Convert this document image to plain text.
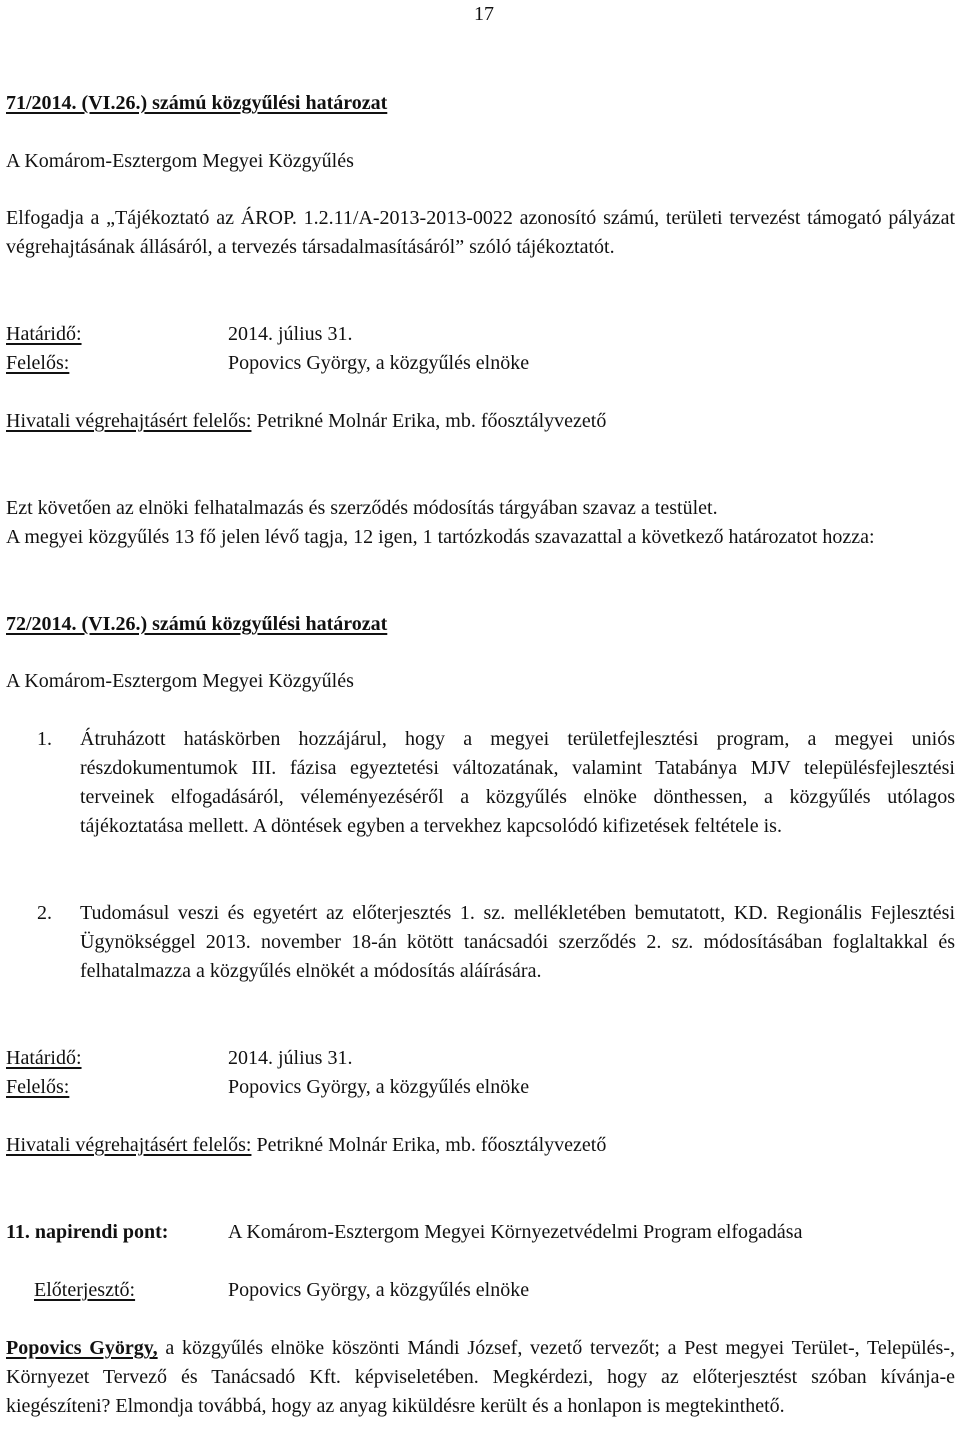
17
71/2014. (VI.26.) számú közgyűlési határozat
A Komárom-Esztergom Megyei Közgyűlés
Elfogadja a „Tájékoztató az ÁROP. 1.2.11/A-2013-2013-0022 azonosító számú, területi tervezést támogató pályázat végrehajtásának állásáról, a tervezés társadalmasításáról” szóló tájékoztatót.
Határidő:	2014. július 31.
Felelős:	Popovics György, a közgyűlés elnöke
Hivatali végrehajtásért felelős: Petrikné Molnár Erika, mb. főosztályvezető
Ezt követően az elnöki felhatalmazás és szerződés módosítás tárgyában szavaz a testület.
A megyei közgyűlés 13 fő jelen lévő tagja, 12 igen, 1 tartózkodás szavazattal a következő határozatot hozza:
72/2014. (VI.26.) számú közgyűlési határozat
A Komárom-Esztergom Megyei Közgyűlés
1. Átruházott hatáskörben hozzájárul, hogy a megyei területfejlesztési program, a megyei uniós részdokumentumok III. fázisa egyeztetési változatának, valamint Tatabánya MJV településfejlesztési terveinek elfogadásáról, véleményezéséről a közgyűlés elnöke dönthessen, a közgyűlés utólagos tájékoztatása mellett. A döntések egyben a tervekhez kapcsolódó kifizetések feltétele is.
2. Tudomásul veszi és egyetért az előterjesztés 1. sz. mellékletében bemutatott, KD. Regionális Fejlesztési Ügynökséggel 2013. november 18-án kötött tanácsadói szerződés 2. sz. módosításában foglaltakkal és felhatalmazza a közgyűlés elnökét a módosítás aláírására.
Határidő:	2014. július 31.
Felelős:	Popovics György, a közgyűlés elnöke
Hivatali végrehajtásért felelős: Petrikné Molnár Erika, mb. főosztályvezető
11. napirendi pont:	A Komárom-Esztergom Megyei Környezetvédelmi Program elfogadása
Előterjesztő:	Popovics György, a közgyűlés elnöke
Popovics György, a közgyűlés elnöke köszönti Mándi József, vezető tervezőt; a Pest megyei Terület-, Település-, Környezet Tervező és Tanácsadó Kft. képviseletében. Megkérdezi, hogy az előterjesztést szóban kívánja-e kiegészíteni? Elmondja továbbá, hogy az anyag kiküldésre került és a honlapon is megtekinthető.
